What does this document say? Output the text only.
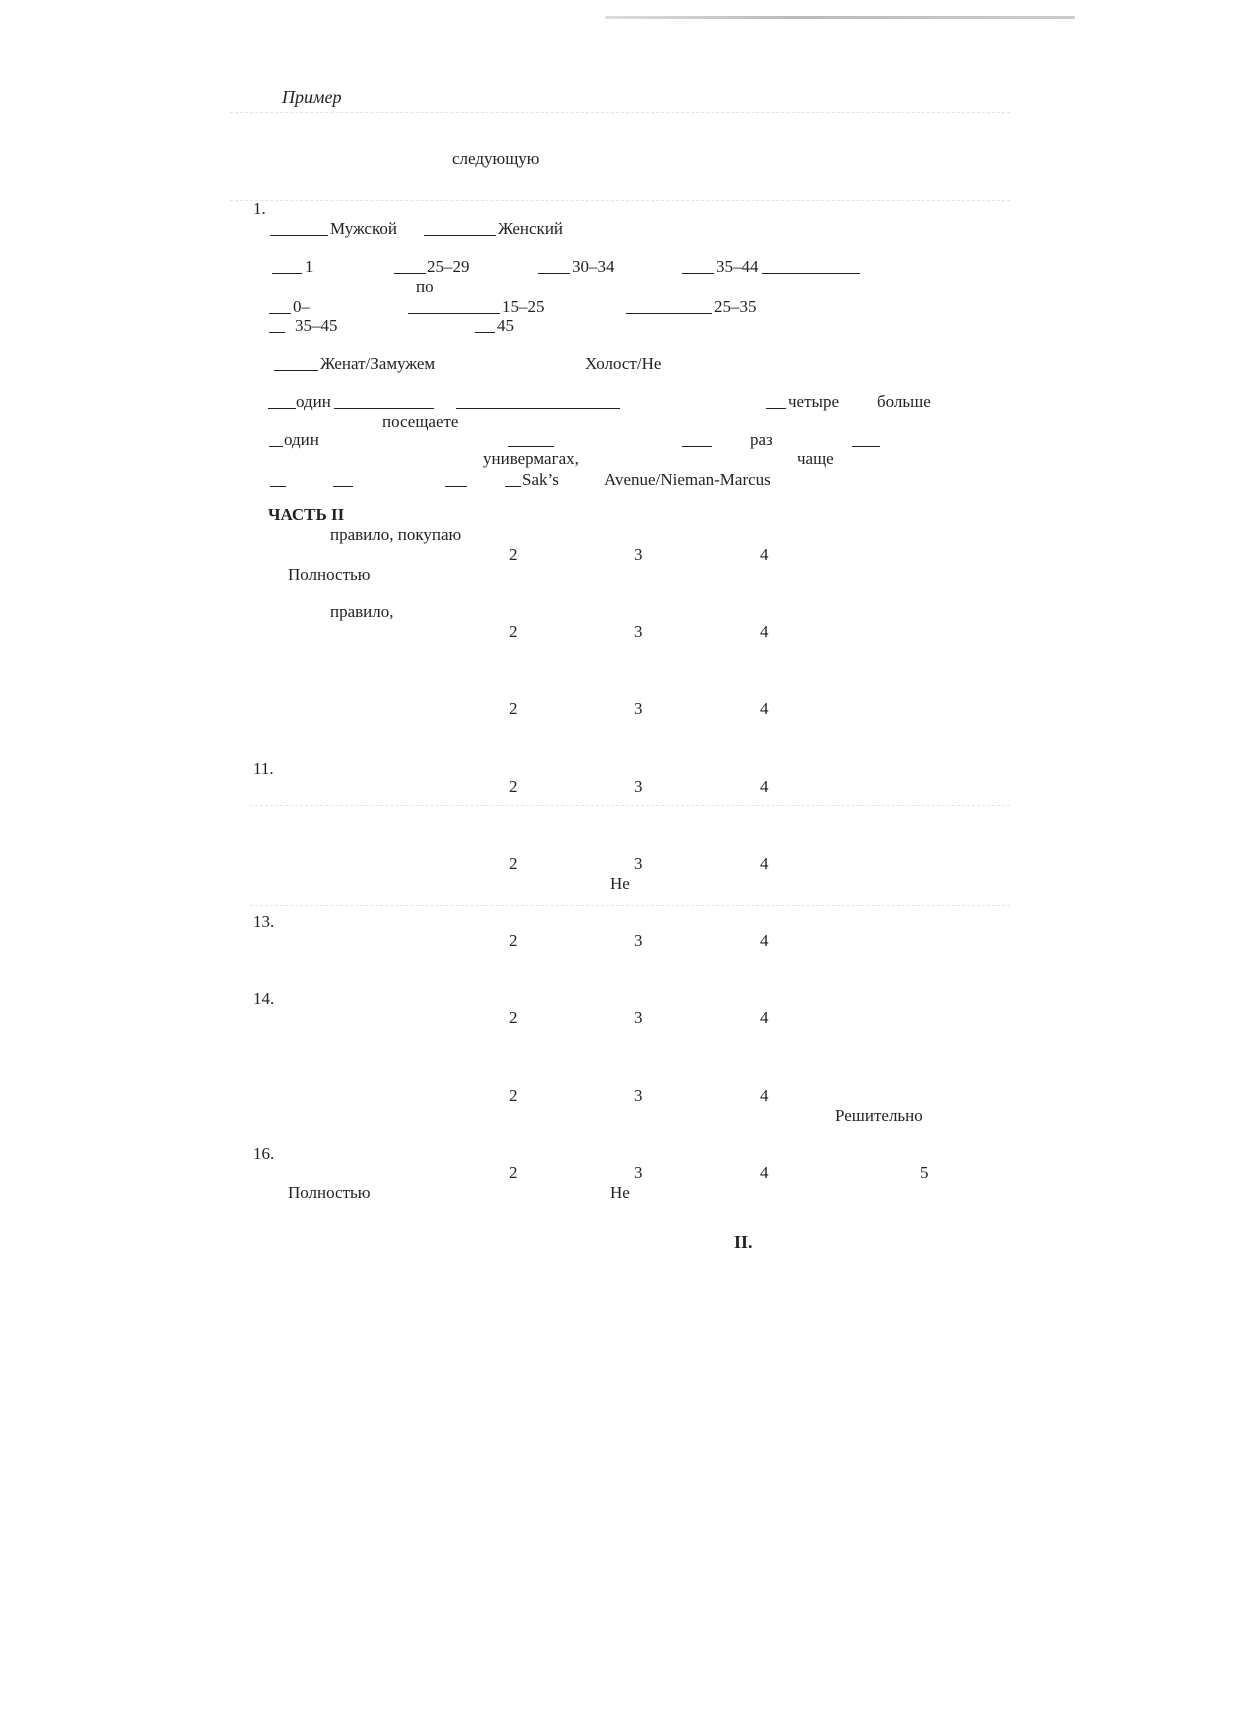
Пример
следующую
1.
Мужской	Женский
1	25–29
по
30–34	35–44
0–	15–25	25–35
35–45	45
Женат/Замужем	Холост/Не
один	четыре больше
посещаете
один	раз
универмагах,	чаще
Sak’s	Avenue/Nieman-Marcus
ЧАСТЬ II
правило, покупаю
2	3	4
Полностью
правило,
2	3	4
2	3	4
11.
2	3	4
2	3	4
Не
13.
2	3	4
14.
2	3	4
2	3	4
Решительно
16.
2	3	4	5
Полностью	Не
II.
